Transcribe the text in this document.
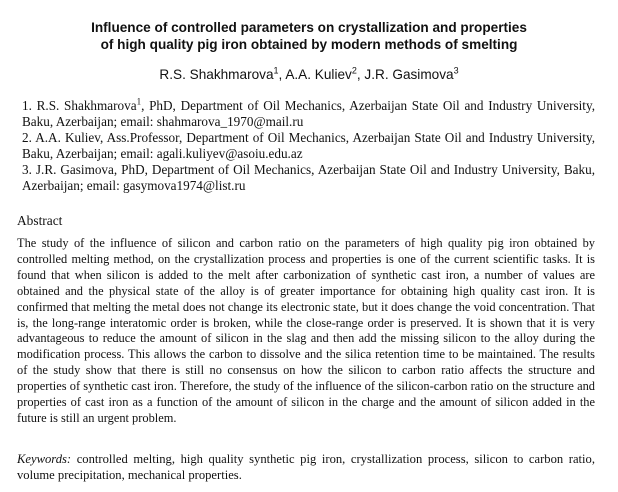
Influence of controlled parameters on crystallization and properties
of high quality pig iron obtained by modern methods of smelting
R.S. Shakhmarova$^1$, A.A. Kuliev$^2$, J.R. Gasimova$^3$

1. R.S. Shakhmarova$^1$, PhD, Department of Oil Mechanics, Azerbaijan State Oil and Industry University, Baku, Azerbaijan; email: shahmarova_1970@mail.ru

2. A.A. Kuliev, Ass.Professor, Department of Oil Mechanics, Azerbaijan State Oil and Industry University, Baku, Azerbaijan; email: agali.kuliyev@asoiu.edu.az

3. J.R. Gasimova, PhD, Department of Oil Mechanics, Azerbaijan State Oil and Industry University, Baku, Azerbaijan; email: gasymova1974@list.ru

Abstract

The study of the influence of silicon and carbon ratio on the parameters of high quality pig iron obtained by controlled melting method, on the crystallization process and properties is one of the current scientific tasks. It is found that when silicon is added to the melt after carbonization of synthetic cast iron, a number of values are obtained and the physical state of the alloy is of greater importance for obtaining high quality cast iron. It is confirmed that melting the metal does not change its electronic state, but it does change the void concentration. That is, the long-range interatomic order is broken, while the close-range order is preserved. It is shown that it is very advantageous to reduce the amount of silicon in the slag and then add the missing silicon to the alloy during the modification process. This allows the carbon to dissolve and the silica retention time to be maintained. The results of the study show that there is still no consensus on how the silicon to carbon ratio affects the structure and properties of synthetic cast iron. Therefore, the study of the influence of the silicon-carbon ratio on the structure and properties of cast iron as a function of the amount of silicon in the charge and the amount of silicon added in the future is still an urgent problem.

Keywords: controlled melting, high quality synthetic pig iron, crystallization process, silicon to carbon ratio, volume precipitation, mechanical properties.
